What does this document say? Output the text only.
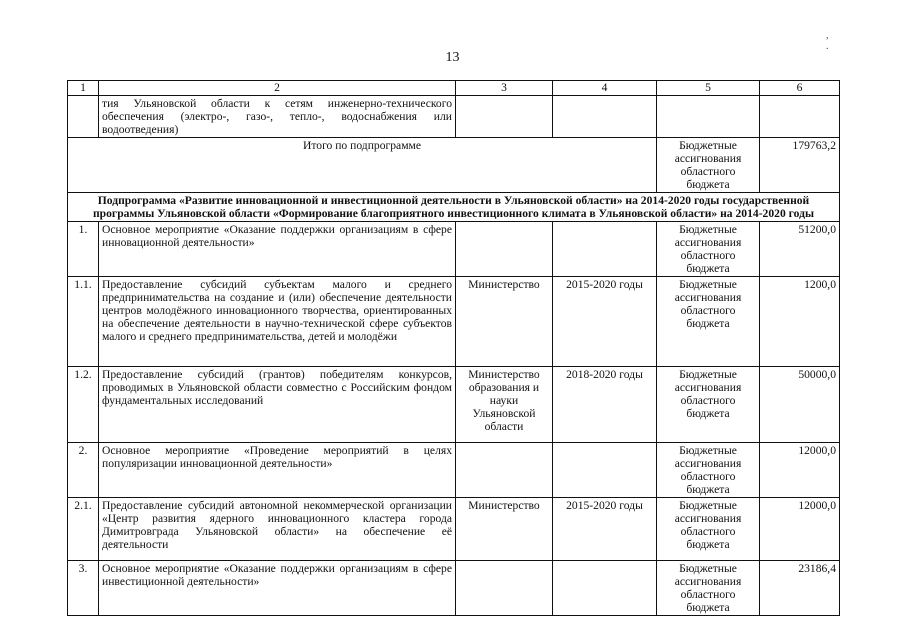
13
, .
1	2	3	4	5	6
	тия Ульяновской области к сетям инженерно-технического обеспечения (электро-, газо-, тепло-, водоснабжения или водоотведения)				
Итого по подпрограмме				Бюджетные ассигнования областного бюджета	179763,2
Подпрограмма «Развитие инновационной и инвестиционной деятельности в Ульяновской области» на 2014-2020 годы государственной программы Ульяновской области «Формирование благоприятного инвестиционного климата в Ульяновской области» на 2014-2020 годы					
1.	Основное мероприятие «Оказание поддержки организациям в сфере инновационной деятельности»			Бюджетные ассигнования областного бюджета	51200,0
1.1.	Предоставление субсидий субъектам малого и среднего предпринимательства на создание и (или) обеспечение деятельности центров молодёжного инновационного творчества, ориентированных на обеспечение деятельности в научно-технической сфере субъектов малого и среднего предпринимательства, детей и молодёжи	Министерство	2015-2020 годы	Бюджетные ассигнования областного бюджета	1200,0
1.2.	Предоставление субсидий (грантов) победителям конкурсов, проводимых в Ульяновской области совместно с Российским фондом фундаментальных исследований	Министерство образования и науки Ульяновской области	2018-2020 годы	Бюджетные ассигнования областного бюджета	50000,0
2.	Основное мероприятие «Проведение мероприятий в целях популяризации инновационной деятельности»			Бюджетные ассигнования областного бюджета	12000,0
2.1.	Предоставление субсидий автономной некоммерческой организации «Центр развития ядерного инновационного кластера города Димитровграда Ульяновской области» на обеспечение её деятельности	Министерство	2015-2020 годы	Бюджетные ассигнования областного бюджета	12000,0
3.	Основное мероприятие «Оказание поддержки организациям в сфере инвестиционной деятельности»			Бюджетные ассигнования областного бюджета	23186,4
